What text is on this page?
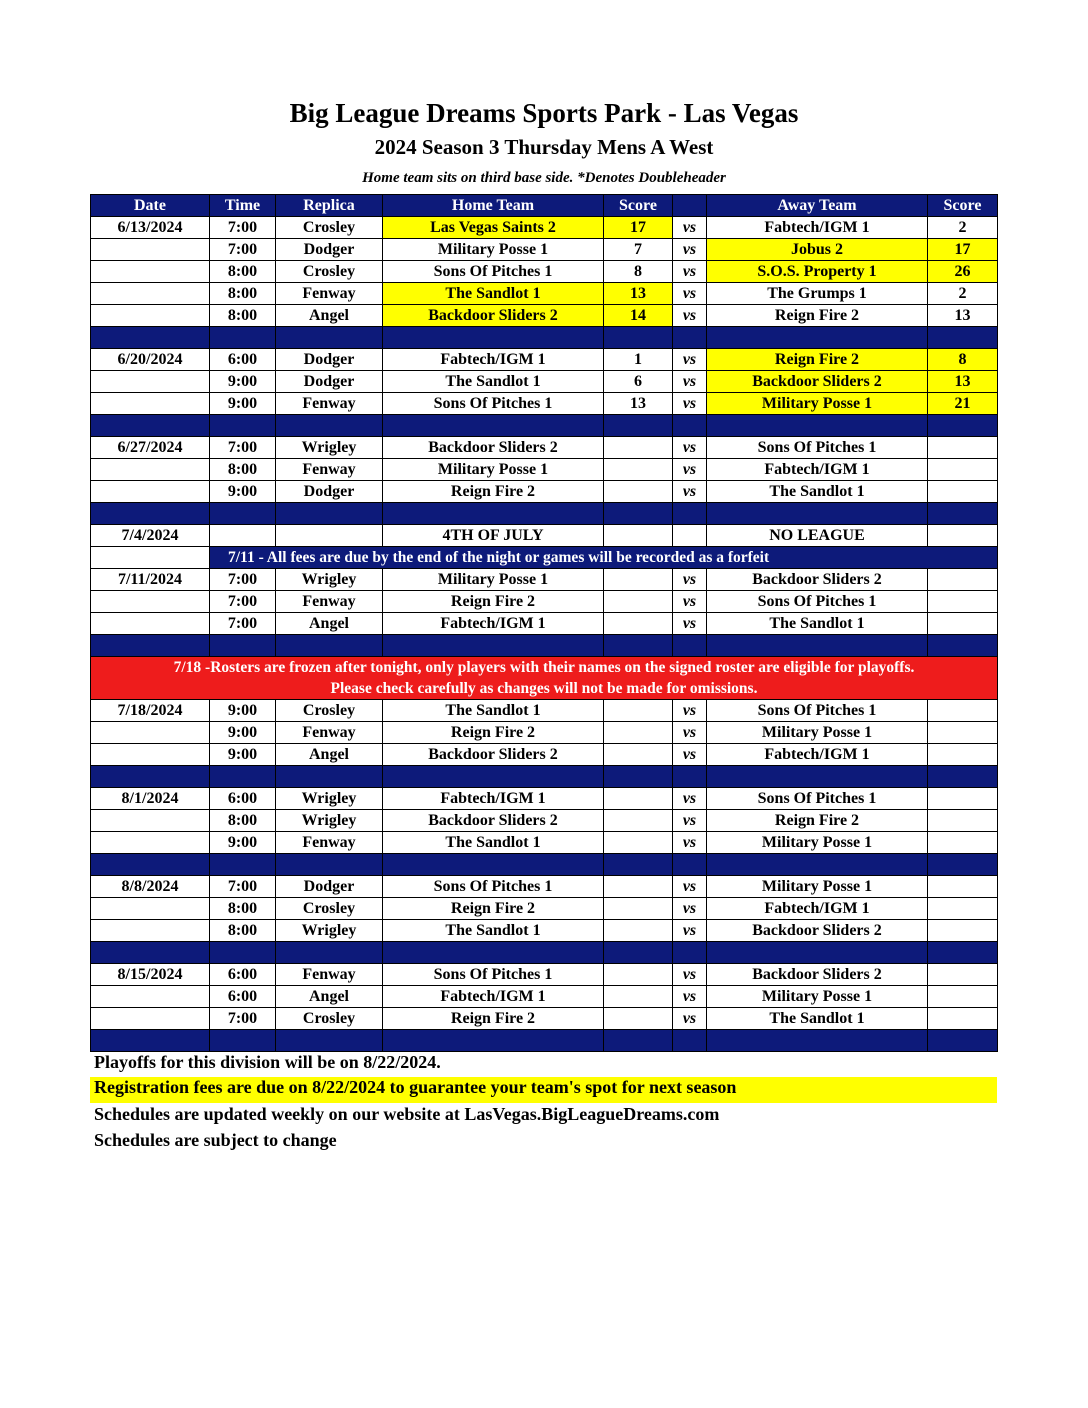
Big League Dreams Sports Park - Las Vegas
2024 Season 3 Thursday Mens A West
Home team sits on third base side. *Denotes Doubleheader
Date	Time	Replica	Home Team	Score		Away Team	Score
6/13/2024	7:00	Crosley	Las Vegas Saints 2	17	vs	Fabtech/IGM 1	2
	7:00	Dodger	Military Posse 1	7	vs	Jobus 2	17
	8:00	Crosley	Sons Of Pitches 1	8	vs	S.O.S. Property 1	26
	8:00	Fenway	The Sandlot 1	13	vs	The Grumps 1	2
	8:00	Angel	Backdoor Sliders 2	14	vs	Reign Fire 2	13

6/20/2024	6:00	Dodger	Fabtech/IGM 1	1	vs	Reign Fire 2	8
	9:00	Dodger	The Sandlot 1	6	vs	Backdoor Sliders 2	13
	9:00	Fenway	Sons Of Pitches 1	13	vs	Military Posse 1	21

6/27/2024	7:00	Wrigley	Backdoor Sliders 2		vs	Sons Of Pitches 1	
	8:00	Fenway	Military Posse 1		vs	Fabtech/IGM 1	
	9:00	Dodger	Reign Fire 2		vs	The Sandlot 1	

7/4/2024			4TH OF JULY			NO LEAGUE	
	7/11 - All fees are due by the end of the night or games will be recorded as a forfeit						
7/11/2024	7:00	Wrigley	Military Posse 1		vs	Backdoor Sliders 2	
	7:00	Fenway	Reign Fire 2		vs	Sons Of Pitches 1	
	7:00	Angel	Fabtech/IGM 1		vs	The Sandlot 1	

7/18 -Rosters are frozen after tonight, only players with their names on the signed roster are eligible for playoffs.
Please check carefully as changes will not be made for omissions.							

7/18/2024	9:00	Crosley	The Sandlot 1		vs	Sons Of Pitches 1	
	9:00	Fenway	Reign Fire 2		vs	Military Posse 1	
	9:00	Angel	Backdoor Sliders 2		vs	Fabtech/IGM 1	

8/1/2024	6:00	Wrigley	Fabtech/IGM 1		vs	Sons Of Pitches 1	
	8:00	Wrigley	Backdoor Sliders 2		vs	Reign Fire 2	
	9:00	Fenway	The Sandlot 1		vs	Military Posse 1	

8/8/2024	7:00	Dodger	Sons Of Pitches 1		vs	Military Posse 1	
	8:00	Crosley	Reign Fire 2		vs	Fabtech/IGM 1	
	8:00	Wrigley	The Sandlot 1		vs	Backdoor Sliders 2	

8/15/2024	6:00	Fenway	Sons Of Pitches 1		vs	Backdoor Sliders 2	
	6:00	Angel	Fabtech/IGM 1		vs	Military Posse 1	
	7:00	Crosley	Reign Fire 2		vs	The Sandlot 1	

Playoffs for this division will be on 8/22/2024.
Registration fees are due on 8/22/2024 to guarantee your team's spot for next season
Schedules are updated weekly on our website at LasVegas.BigLeagueDreams.com
Schedules are subject to change
